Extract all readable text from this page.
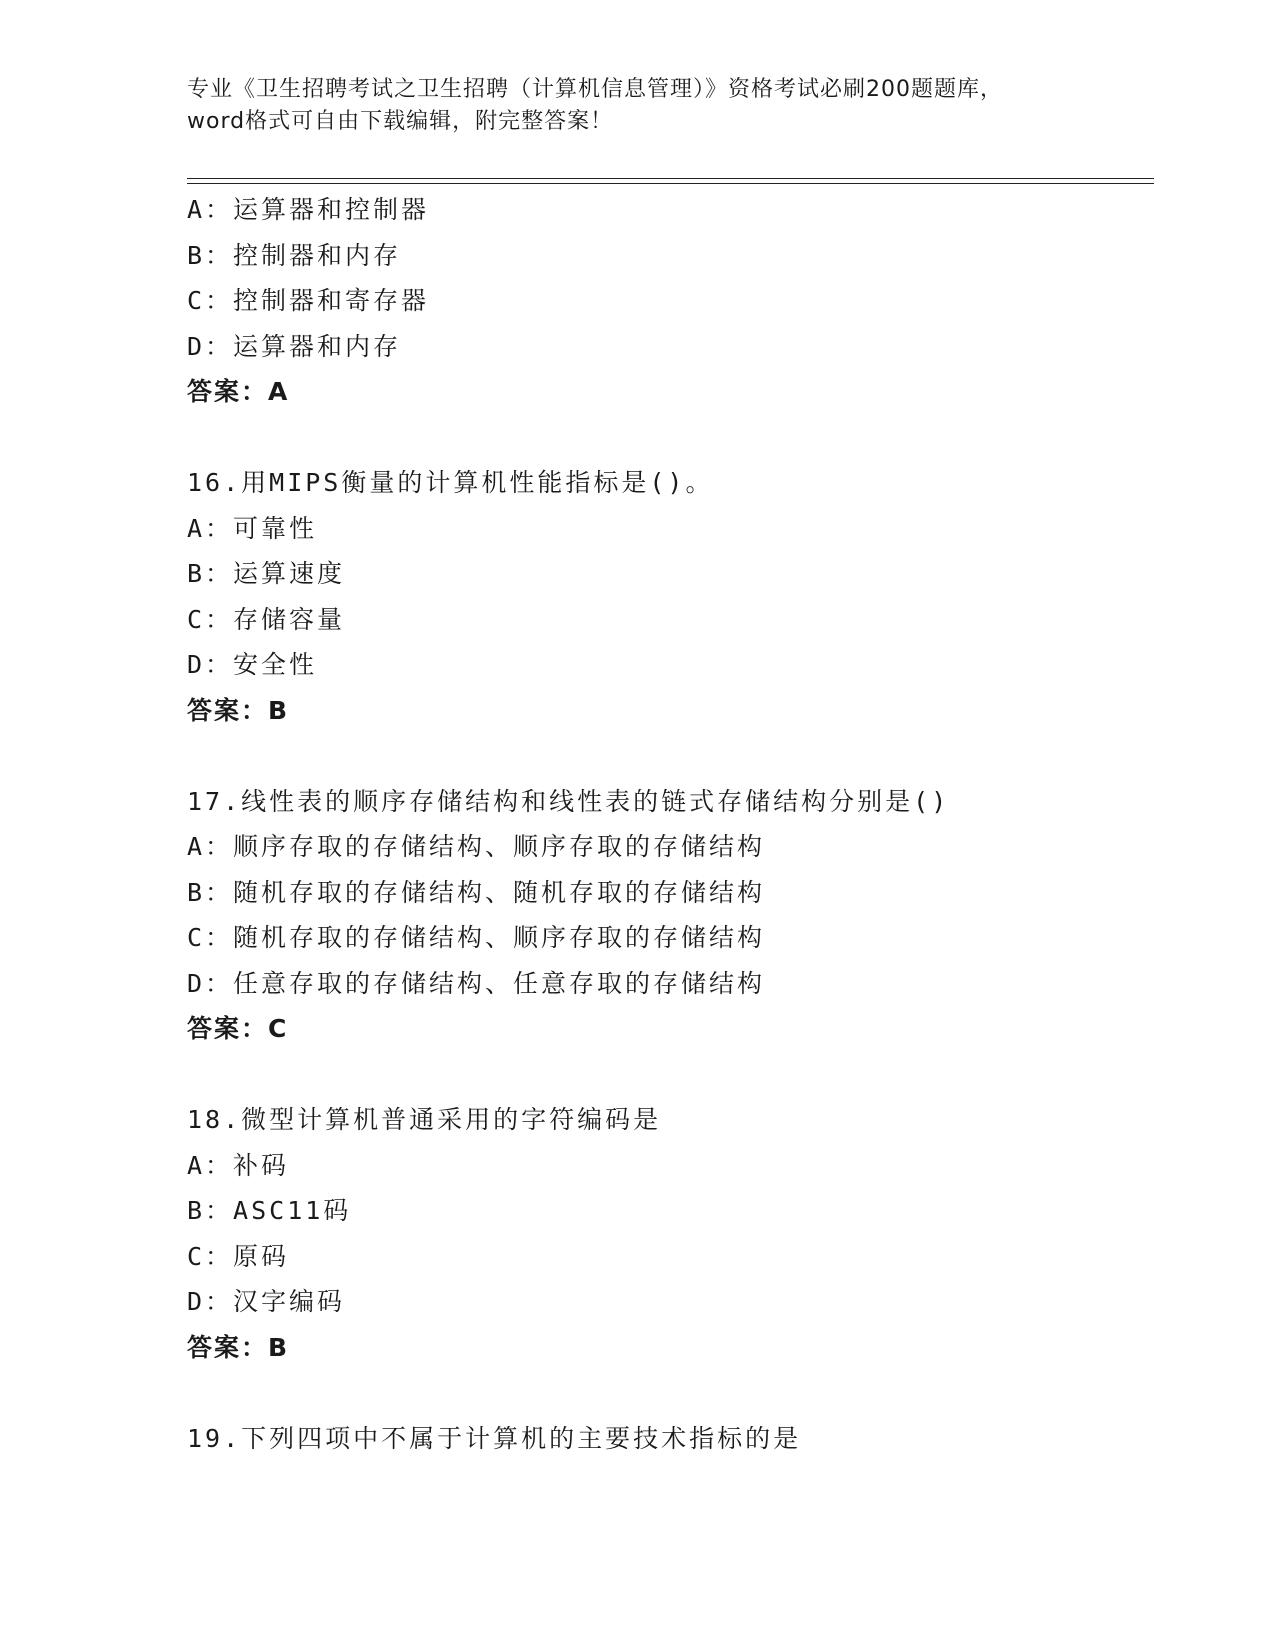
专业《卫生招聘考试之卫生招聘（计算机信息管理）》资格考试必刷200题题库，
word格式可自由下载编辑，附完整答案！
A：运算器和控制器
B：控制器和内存
C：控制器和寄存器
D：运算器和内存
答案：A
16.用MIPS衡量的计算机性能指标是()。
A：可靠性
B：运算速度
C：存储容量
D：安全性
答案：B
17.线性表的顺序存储结构和线性表的链式存储结构分别是()
A：顺序存取的存储结构、顺序存取的存储结构
B：随机存取的存储结构、随机存取的存储结构
C：随机存取的存储结构、顺序存取的存储结构
D：任意存取的存储结构、任意存取的存储结构
答案：C
18.微型计算机普通采用的字符编码是
A：补码
B：ASC11码
C：原码
D：汉字编码
答案：B
19.下列四项中不属于计算机的主要技术指标的是
